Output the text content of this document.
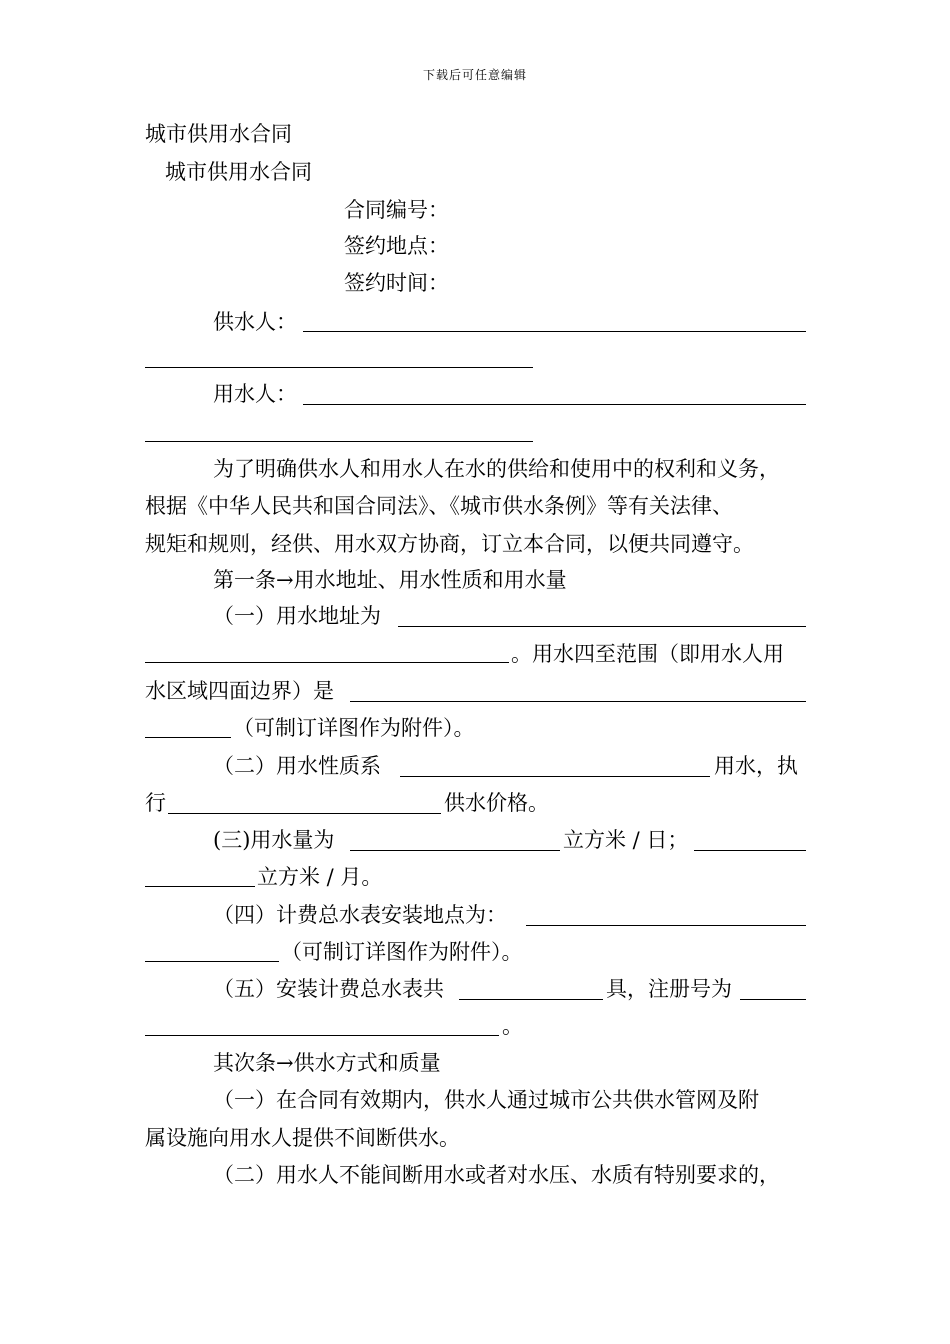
下载后可任意编辑
城市供用水合同
城市供用水合同
合同编号：
签约地点：
签约时间：
供水人：
用水人：
为了明确供水人和用水人在水的供给和使用中的权利和义务，
根据《中华人民共和国合同法》、《城市供水条例》等有关法律、
规矩和规则，经供、用水双方协商，订立本合同，以便共同遵守。
第一条→用水地址、用水性质和用水量
（一）用水地址为
。用水四至范围（即用水人用
水区域四面边界）是
（可制订详图作为附件）。
（二）用水性质系	用水，执
行	供水价格。
(三)用水量为	立方米 / 日；
立方米 / 月。
（四）计费总水表安装地点为：
（可制订详图作为附件）。
（五）安装计费总水表共	具，注册号为
。
其次条→供水方式和质量
（一）在合同有效期内，供水人通过城市公共供水管网及附
属设施向用水人提供不间断供水。
（二）用水人不能间断用水或者对水压、水质有特别要求的，
